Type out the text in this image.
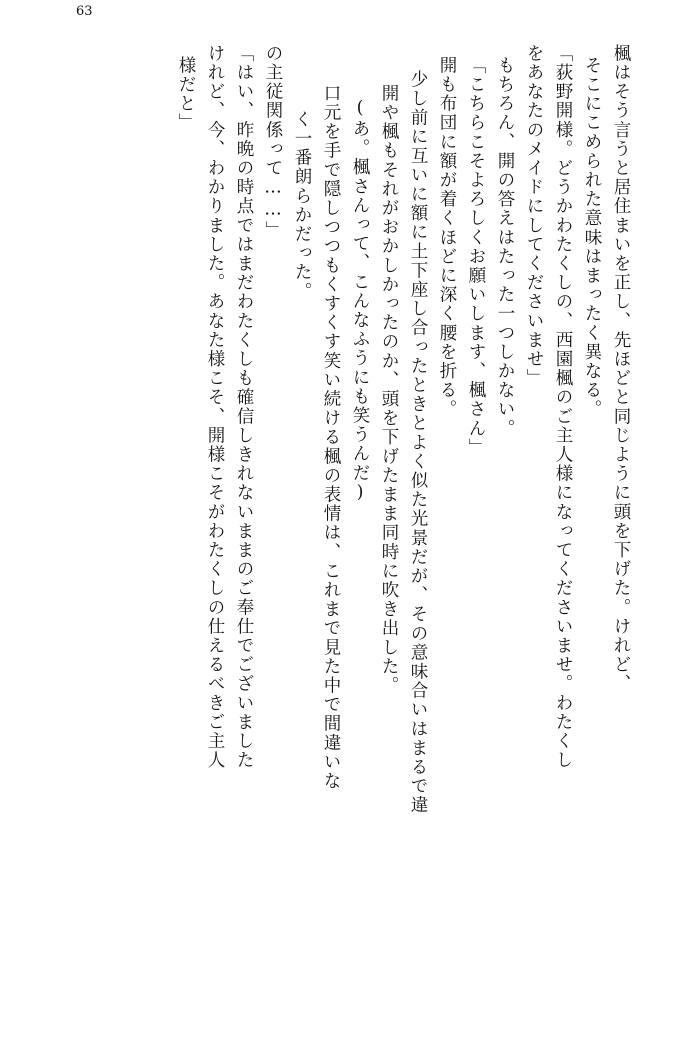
63
様だと」 けれど、今、わかりました。あなた様こそ、開様こそがわたくしの仕えるべきご主人 「はい、昨晩の時点ではまだわたくしも確信しきれないままのご奉仕でございました の主従関係って……」 く一番朗らかだった。 口元を手で隠しつつもくすくす笑い続ける楓の表情は、これまで見た中で間違いな (あ。楓さんって、こんなふうにも笑うんだ) 開や楓もそれがおかしかったのか、頭を下げたまま同時に吹き出した。 少し前に互いに額に土下座し合ったときとよく似た光景だが、その意味合いはまるで違 開も布団に額が着くほどに深く腰を折る。 「こちらこそよろしくお願いします、楓さん」 もちろん、開の答えはたった一つしかない。 をあなたのメイドにしてくださいませ」 「荻野開様。どうかわたくしの、西園楓のご主人様になってくださいませ。わたくし そこにこめられた意味はまったく異なる。 楓はそう言うと居住まいを正し、先ほどと同じように頭を下げた。けれど、
